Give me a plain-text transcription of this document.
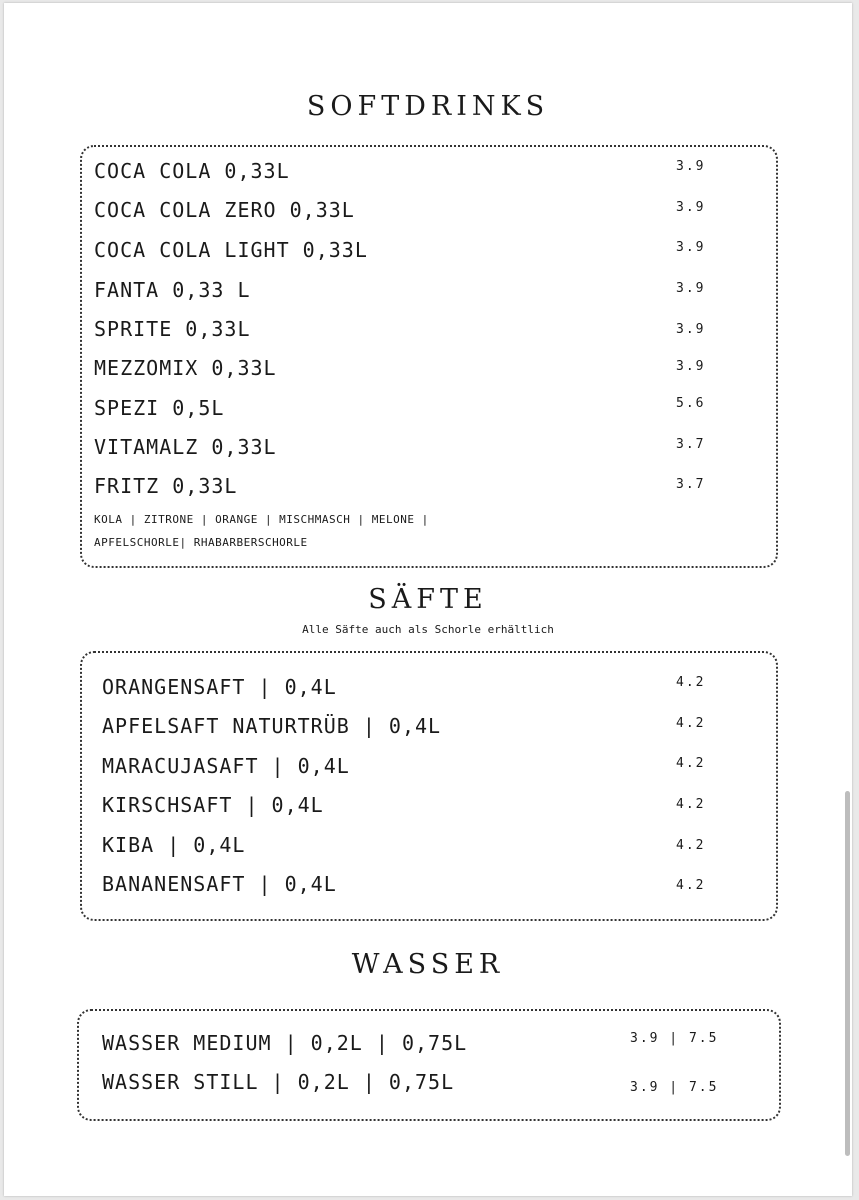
SOFTDRINKS
COCA COLA 0,33L	3.9
COCA COLA ZERO 0,33L	3.9
COCA COLA LIGHT 0,33L	3.9
FANTA 0,33 L	3.9
SPRITE 0,33L	3.9
MEZZOMIX 0,33L	3.9
SPEZI 0,5L	5.6
VITAMALZ 0,33L	3.7
FRITZ 0,33L	3.7
KOLA | ZITRONE | ORANGE | MISCHMASCH | MELONE |
APFELSCHORLE| RHABARBERSCHORLE
SÄFTE

Alle Säfte auch als Schorle erhältlich

ORANGENSAFT | 0,4L	4.2
APFELSAFT NATURTRÜB | 0,4L	4.2
MARACUJASAFT | 0,4L	4.2
KIRSCHSAFT | 0,4L	4.2
KIBA | 0,4L	4.2
BANANENSAFT | 0,4L	4.2
WASSER
WASSER MEDIUM | 0,2L | 0,75L	3.9 | 7.5
WASSER STILL | 0,2L | 0,75L	3.9 | 7.5
